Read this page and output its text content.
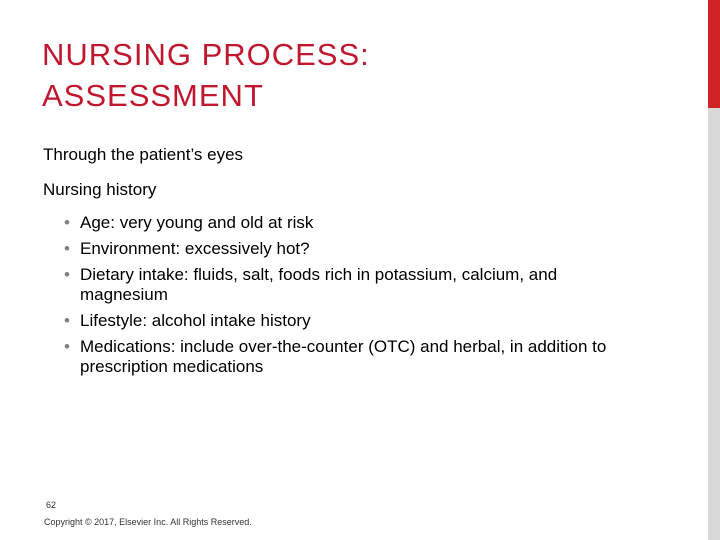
NURSING PROCESS:
ASSESSMENT

Through the patient’s eyes

Nursing history

• Age: very young and old at risk
• Environment: excessively hot?
• Dietary intake: fluids, salt, foods rich in potassium, calcium, and magnesium
• Lifestyle: alcohol intake history
• Medications: include over-the-counter (OTC) and herbal, in addition to prescription medications
62
Copyright © 2017, Elsevier Inc. All Rights Reserved.
